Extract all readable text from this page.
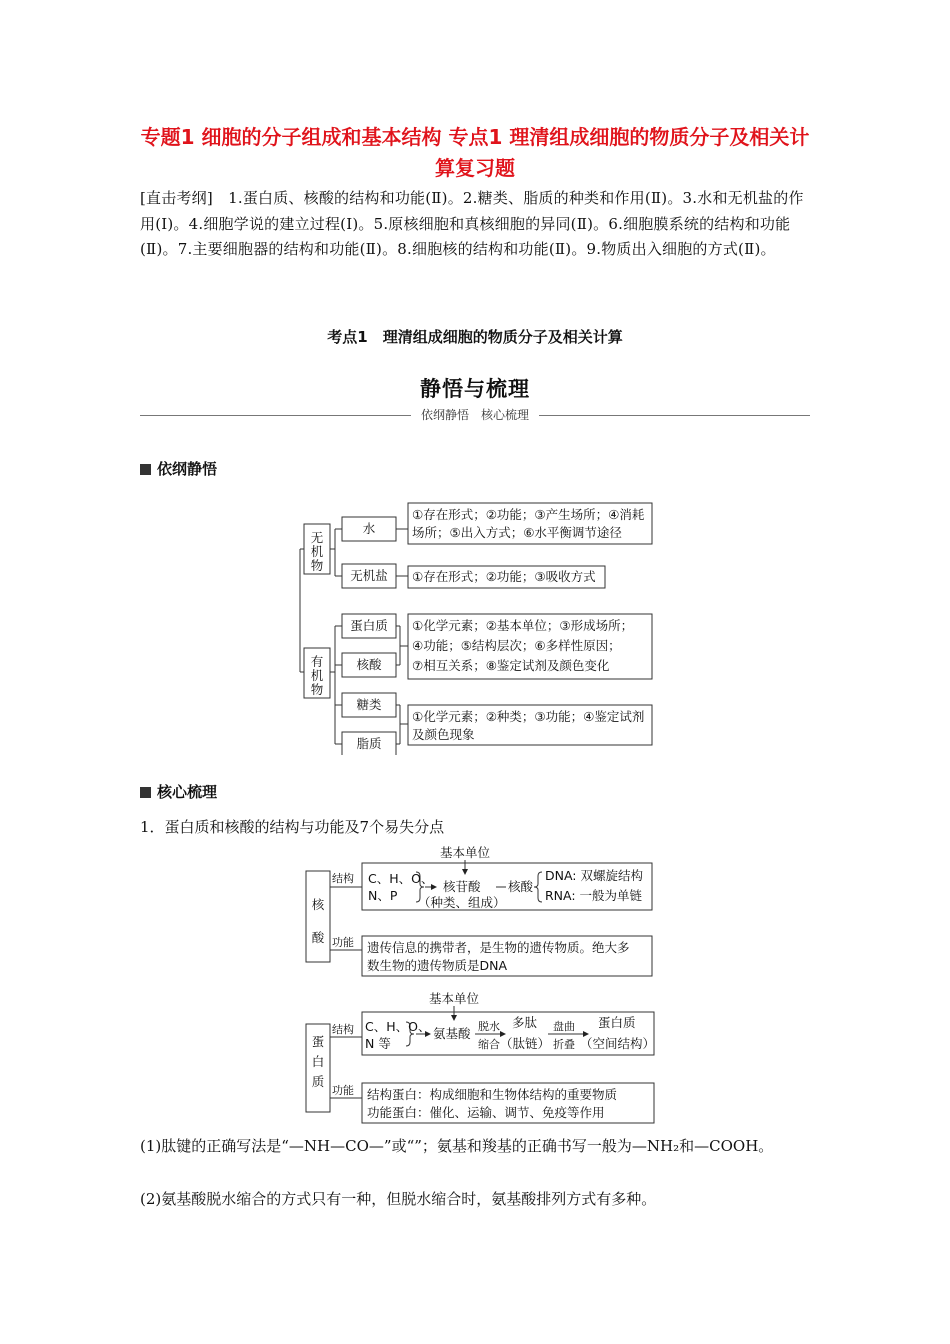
专题1 细胞的分子组成和基本结构 专点1 理清组成细胞的物质分子及相关计算复习题
[直击考纲]　1.蛋白质、核酸的结构和功能(Ⅱ)。2.糖类、脂质的种类和作用(Ⅱ)。3.水和无机盐的作用(Ⅰ)。4.细胞学说的建立过程(Ⅰ)。5.原核细胞和真核细胞的异同(Ⅱ)。6.细胞膜系统的结构和功能(Ⅱ)。7.主要细胞器的结构和功能(Ⅱ)。8.细胞核的结构和功能(Ⅱ)。9.物质出入细胞的方式(Ⅱ)。
考点1　理清组成细胞的物质分子及相关计算
静悟与梳理
依纲静悟　核心梳理
依纲静悟
无
机
物
有
机
物
水
无机盐
蛋白质
核酸
糖类
脂质
①存在形式；②功能；③产生场所；④消耗
场所；⑤出入方式；⑥水平衡调节途径
①存在形式；②功能；③吸收方式
①化学元素；②基本单位；③形成场所；
④功能；⑤结构层次；⑥多样性原因；
⑦相互关系；⑧鉴定试剂及颜色变化
①化学元素；②种类；③功能；④鉴定试剂
及颜色现象
核心梳理
1．蛋白质和核酸的结构与功能及7个易失分点
核
酸
结构
功能
基本单位
C、H、O、
N、P
核苷酸
（种类、组成）
核酸
DNA: 双螺旋结构
RNA: 一般为单链
遗传信息的携带者，是生物的遗传物质。绝大多
数生物的遗传物质是DNA
蛋
白
质
结构
功能
基本单位
C、H、O、
N 等
氨基酸 脱水
缩合
多肽
（肽链）
盘曲
折叠
蛋白质
（空间结构）
结构蛋白：构成细胞和生物体结构的重要物质
功能蛋白：催化、运输、调节、免疫等作用
(1)肽键的正确写法是“—NH—CO—”或“”；氨基和羧基的正确书写一般为—NH₂和—COOH。
(2)氨基酸脱水缩合的方式只有一种，但脱水缩合时，氨基酸排列方式有多种。
